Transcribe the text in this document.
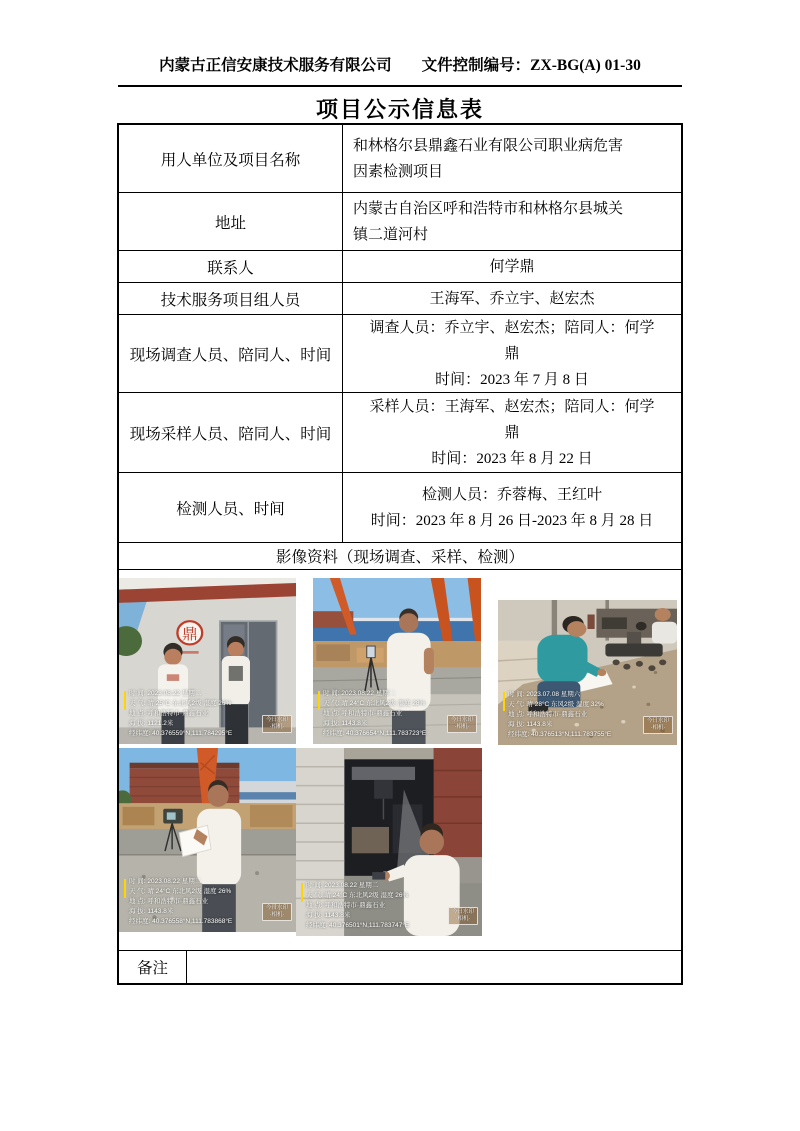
内蒙古正信安康技术服务有限公司 文件控制编号：ZX-BG(A) 01-30
项目公示信息表
用人单位及项目名称
和林格尔县鼎鑫石业有限公司职业病危害
因素检测项目
地址
内蒙古自治区呼和浩特市和林格尔县城关
镇二道河村
联系人	何学鼎
技术服务项目组人员	王海军、乔立宇、赵宏杰
现场调查人员、陪同人、时间
调查人员：乔立宇、赵宏杰；陪同人：何学
鼎
时间：2023 年 7 月 8 日
现场采样人员、陪同人、时间
采样人员：王海军、赵宏杰；陪同人：何学
鼎
时间：2023 年 8 月 22 日
检测人员、时间
检测人员：乔蓉梅、王红叶
时间：2023 年 8 月 26 日-2023 年 8 月 28 日
影像资料（现场调查、采样、检测）
鼎
时 间: 2023.08.22 星期二
天 气: 晴 25°C 东北风2级 湿度 26%
地 点: 呼和浩特市·鼎鑫石业
海 拔: 1121.2米
经纬度: 40.376559°N,111.784295°E
今日水印
·相机·
时 间: 2023.08.22 星期二
天 气: 晴 24°C 东北风2级 湿度 28%
地 点: 呼和浩特市·鼎鑫石业
海 拔: 1143.8米
经纬度: 40.376654°N,111.783723°E
今日水印
·相机·
时 间: 2023.07.08 星期六
天 气: 晴 28°C 东风2级 湿度 32%
地 点: 呼和浩特市·鼎鑫石业
海 拔: 1143.8米
经纬度: 40.376513°N,111.783755°E
今日水印
·相机·
时 间: 2023.08.22 星期二
天 气: 晴 24°C 东北风2级 湿度 26%
地 点: 呼和浩特市·鼎鑫石业
海 拔: 1143.8米
经纬度: 40.376558°N,111.783868°E
今日水印
·相机·
时 间: 2023.08.22 星期二
天 气: 晴 24°C 东北风2级 湿度 26%
地 点: 呼和浩特市·鼎鑫石业
海 拔: 1143.8米
经纬度: 40.376501°N,111.783747°E
今日水印
·相机·
备注
